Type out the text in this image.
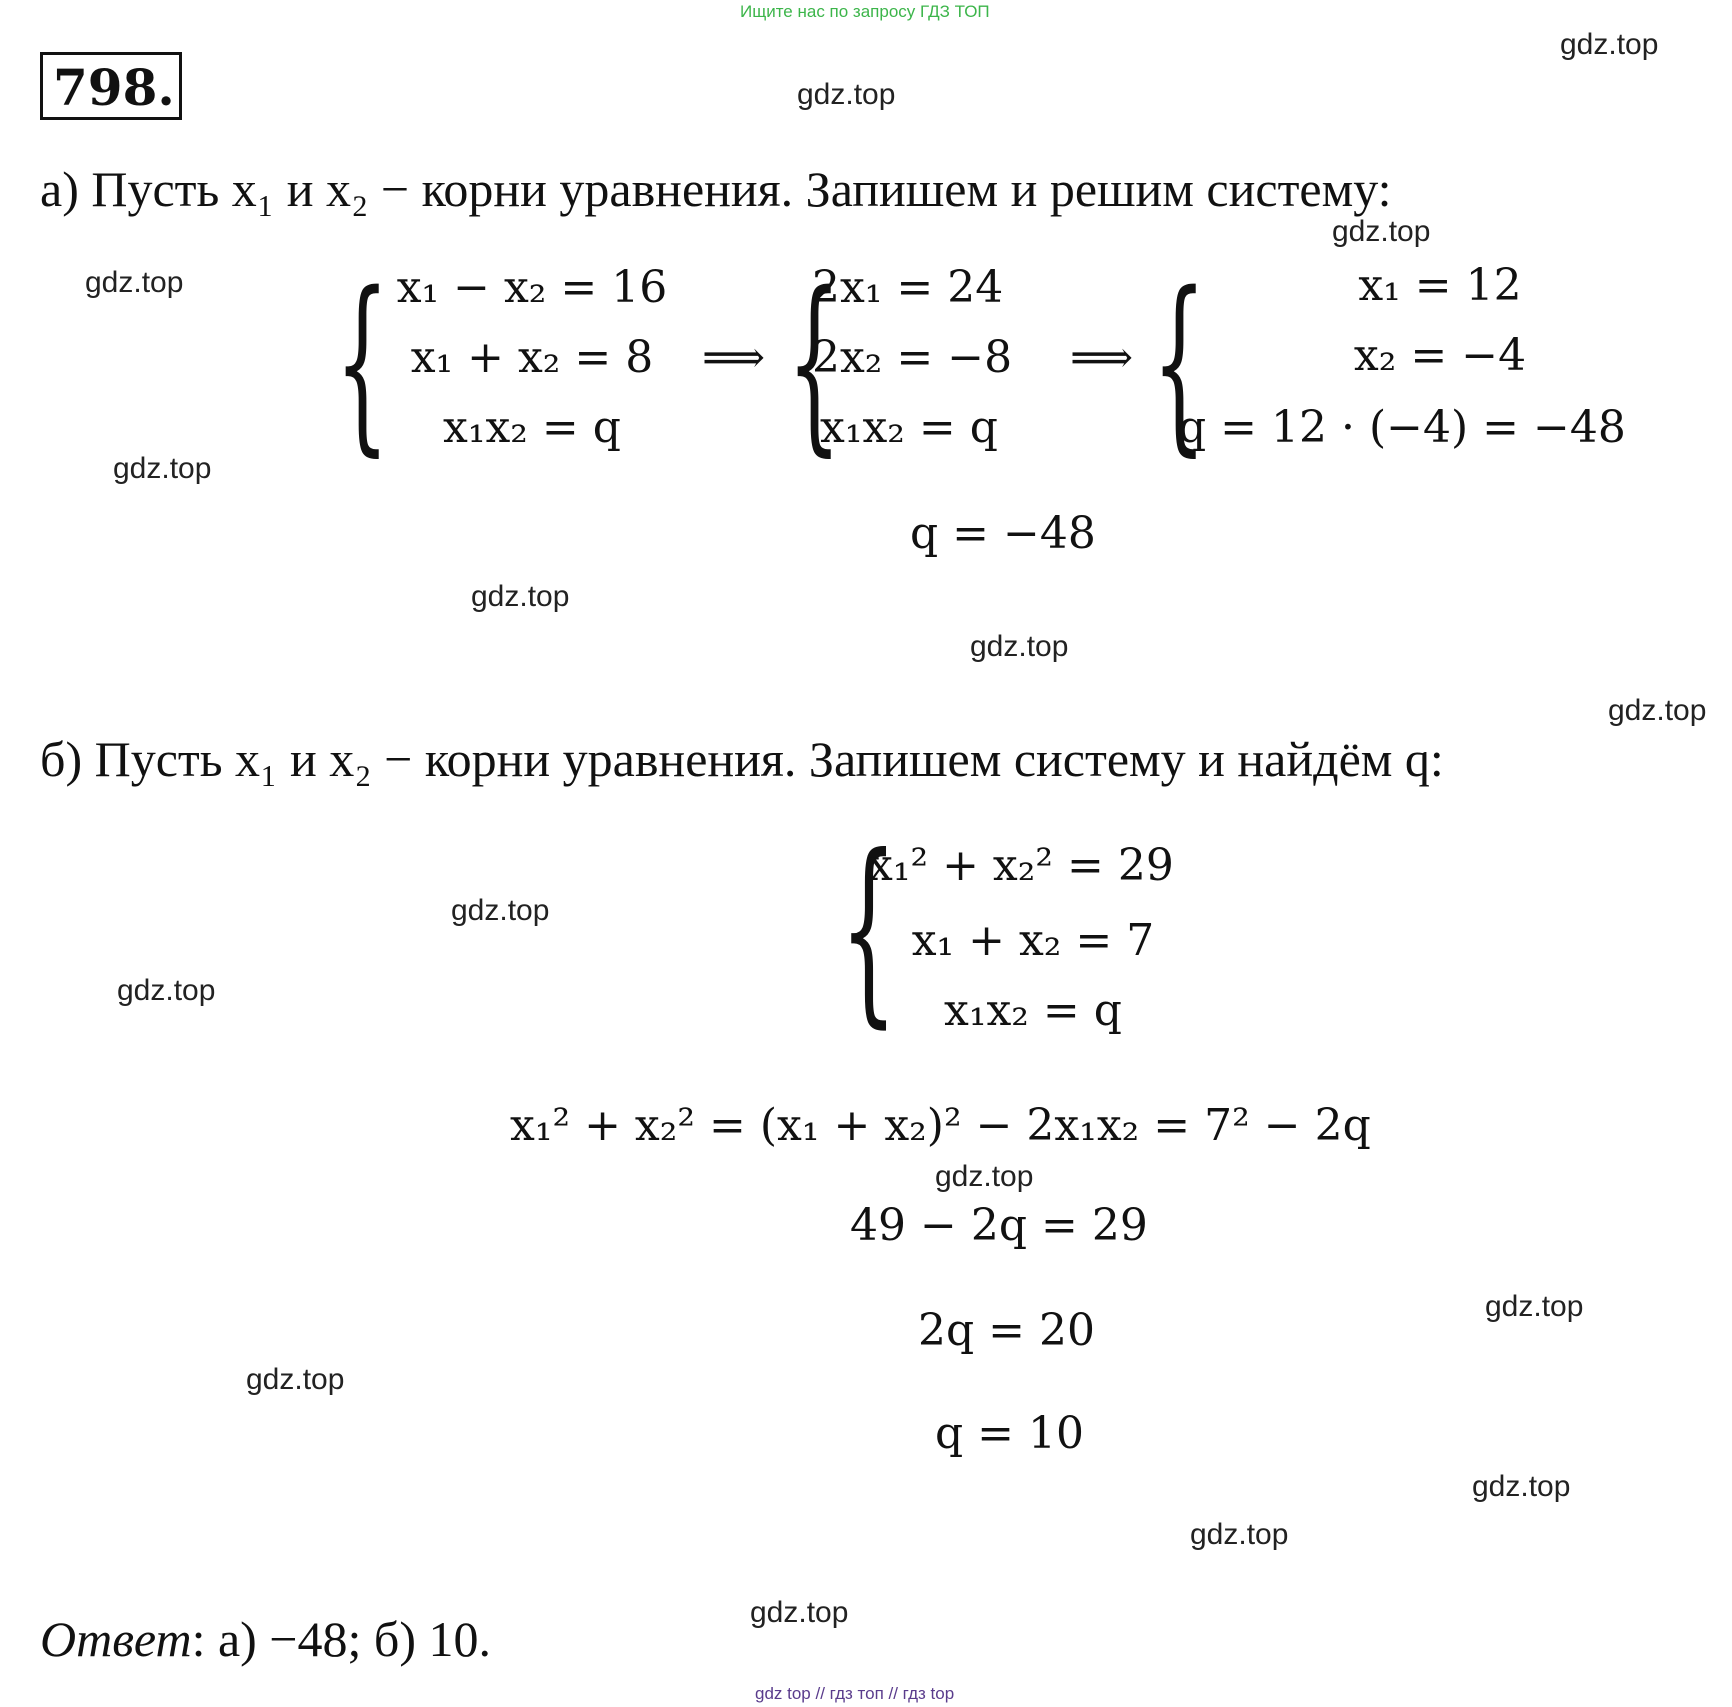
Ищите нас по запросу ГДЗ ТОП
798.
а) Пусть x₁ и x₂ − корни уравнения. Запишем и решим систему:
{ x₁ − x₂ = 16
x₁ + x₂ = 8
x₁x₂ = q
⟹ {
2x₁ = 24
2x₂ = −8
x₁x₂ = q
⟹ {	x₁ = 12
x₂ = −4
q = 12 · (−4) = −48
q = −48
б) Пусть x₁ и x₂ − корни уравнения. Запишем систему и найдём q:
{
x₁² + x₂² = 29
x₁ + x₂ = 7
x₁x₂ = q
x₁² + x₂² = (x₁ + x₂)² − 2x₁x₂ = 7² − 2q
49 − 2q = 29
2q = 20
q = 10
Ответ: а) −48; б) 10.
gdz.top
gdz.top
gdz.top
gdz.top
gdz.top
gdz.top
gdz.top
gdz.top
gdz.top
gdz.top
gdz.top
gdz.top
gdz.top
gdz.top
gdz.top
gdz.top
gdz top // гдз топ // гдз top
